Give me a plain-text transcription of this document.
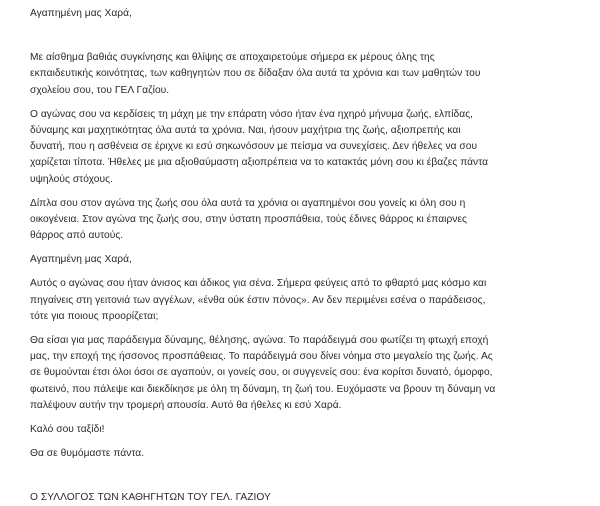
Αγαπημένη μας Χαρά,
Με αίσθημα βαθιάς συγκίνησης και θλίψης σε αποχαιρετούμε σήμερα εκ μέρους όλης της
εκπαιδευτικής κοινότητας, των καθηγητών που σε δίδαξαν όλα αυτά τα χρόνια και των μαθητών του
σχολείου σου, του ΓΕΛ Γαζίου.
Ο αγώνας σου να κερδίσεις τη μάχη με την επάρατη νόσο ήταν ένα ηχηρό μήνυμα ζωής, ελπίδας,
δύναμης και μαχητικότητας όλα αυτά τα χρόνια. Ναι, ήσουν μαχήτρια της ζωής, αξιοπρεπής και
δυνατή, που η ασθένεια σε έριχνε κι εσύ σηκωνόσουν με πείσμα να συνεχίσεις. Δεν ήθελες να σου
χαρίζεται τίποτα. Ήθελες με μια αξιοθαύμαστη αξιοπρέπεια να το κατακτάς μόνη σου κι έβαζες πάντα
υψηλούς στόχους.
Δίπλα σου στον αγώνα της ζωής σου όλα αυτά τα χρόνια οι αγαπημένοι σου γονείς κι όλη σου η
οικογένεια. Στον αγώνα της ζωής σου, στην ύστατη προσπάθεια, τούς έδινες θάρρος κι έπαιρνες
θάρρος από αυτούς.
Αγαπημένη μας Χαρά,
Αυτός ο αγώνας σου ήταν άνισος και άδικος για σένα. Σήμερα φεύγεις από το φθαρτό μας κόσμο και
πηγαίνεις στη γειτονιά των αγγέλων, «ένθα ούκ έστιν πόνος». Αν δεν περιμένει εσένα ο παράδεισος,
τότε για ποιους προορίζεται;
Θα είσαι για μας παράδειγμα δύναμης, θέλησης, αγώνα. Το παράδειγμά σου φωτίζει τη φτωχή εποχή
μας, την εποχή της ήσσονος προσπάθειας. Το παράδειγμά σου δίνει νόημα στο μεγαλείο της ζωής. Ας
σε θυμούνται έτσι όλοι όσοι σε αγαπούν, οι γονείς σου, οι συγγενείς σου: ένα κορίτσι δυνατό, όμορφο,
φωτεινό, που πάλεψε και διεκδίκησε με όλη τη δύναμη, τη ζωή του. Ευχόμαστε να βρουν τη δύναμη να
παλέψουν αυτήν την τρομερή απουσία. Αυτό θα ήθελες κι εσύ Χαρά.
Καλό σου ταξίδι!
Θα σε θυμόμαστε πάντα.
Ο ΣΥΛΛΟΓΟΣ ΤΩΝ ΚΑΘΗΓΗΤΩΝ ΤΟΥ ΓΕΛ. ΓΑΖΙΟΥ
